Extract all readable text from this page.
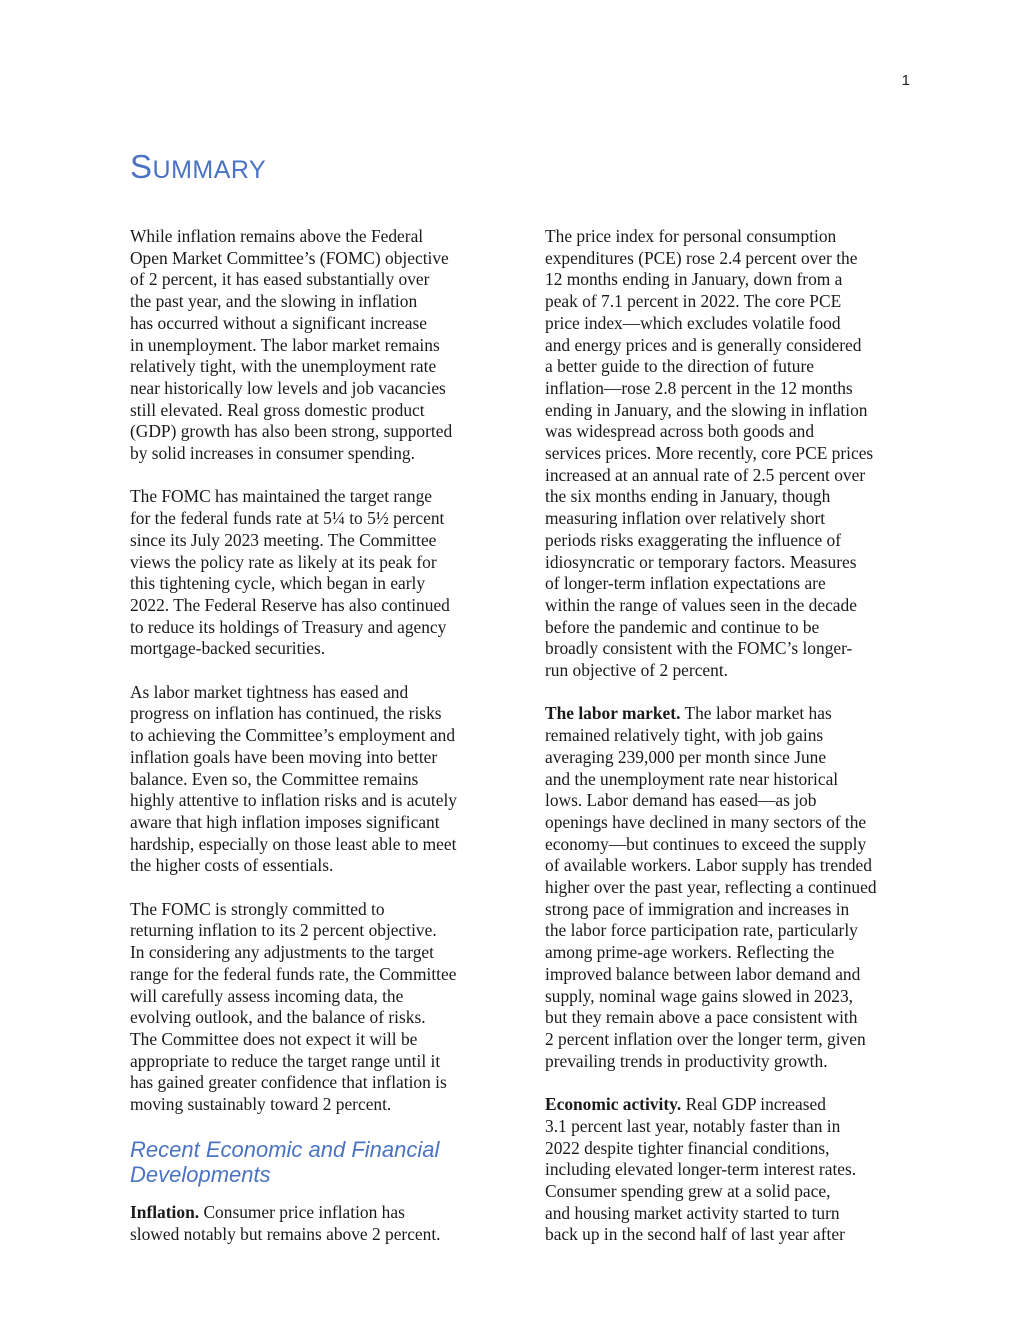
1
SUMMARY

While inflation remains above the Federal
Open Market Committee’s (FOMC) objective
of 2 percent, it has eased substantially over
the past year, and the slowing in inflation
has occurred without a significant increase
in unemployment. The labor market remains
relatively tight, with the unemployment rate
near historically low levels and job vacancies
still elevated. Real gross domestic product
(GDP) growth has also been strong, supported
by solid increases in consumer spending.

The FOMC has maintained the target range
for the federal funds rate at 5¼ to 5½ percent
since its July 2023 meeting. The Committee
views the policy rate as likely at its peak for
this tightening cycle, which began in early
2022. The Federal Reserve has also continued
to reduce its holdings of Treasury and agency
mortgage-backed securities.

As labor market tightness has eased and
progress on inflation has continued, the risks
to achieving the Committee’s employment and
inflation goals have been moving into better
balance. Even so, the Committee remains
highly attentive to inflation risks and is acutely
aware that high inflation imposes significant
hardship, especially on those least able to meet
the higher costs of essentials.

The FOMC is strongly committed to
returning inflation to its 2 percent objective.
In considering any adjustments to the target
range for the federal funds rate, the Committee
will carefully assess incoming data, the
evolving outlook, and the balance of risks.
The Committee does not expect it will be
appropriate to reduce the target range until it
has gained greater confidence that inflation is
moving sustainably toward 2 percent.

Recent Economic and Financial
Developments

Inflation. Consumer price inflation has
slowed notably but remains above 2 percent.

The price index for personal consumption
expenditures (PCE) rose 2.4 percent over the
12 months ending in January, down from a
peak of 7.1 percent in 2022. The core PCE
price index—which excludes volatile food
and energy prices and is generally considered
a better guide to the direction of future
inflation—rose 2.8 percent in the 12 months
ending in January, and the slowing in inflation
was widespread across both goods and
services prices. More recently, core PCE prices
increased at an annual rate of 2.5 percent over
the six months ending in January, though
measuring inflation over relatively short
periods risks exaggerating the influence of
idiosyncratic or temporary factors. Measures
of longer-term inflation expectations are
within the range of values seen in the decade
before the pandemic and continue to be
broadly consistent with the FOMC’s longer-
run objective of 2 percent.

The labor market. The labor market has
remained relatively tight, with job gains
averaging 239,000 per month since June
and the unemployment rate near historical
lows. Labor demand has eased—as job
openings have declined in many sectors of the
economy—but continues to exceed the supply
of available workers. Labor supply has trended
higher over the past year, reflecting a continued
strong pace of immigration and increases in
the labor force participation rate, particularly
among prime-age workers. Reflecting the
improved balance between labor demand and
supply, nominal wage gains slowed in 2023,
but they remain above a pace consistent with
2 percent inflation over the longer term, given
prevailing trends in productivity growth.

Economic activity. Real GDP increased
3.1 percent last year, notably faster than in
2022 despite tighter financial conditions,
including elevated longer-term interest rates.
Consumer spending grew at a solid pace,
and housing market activity started to turn
back up in the second half of last year after
